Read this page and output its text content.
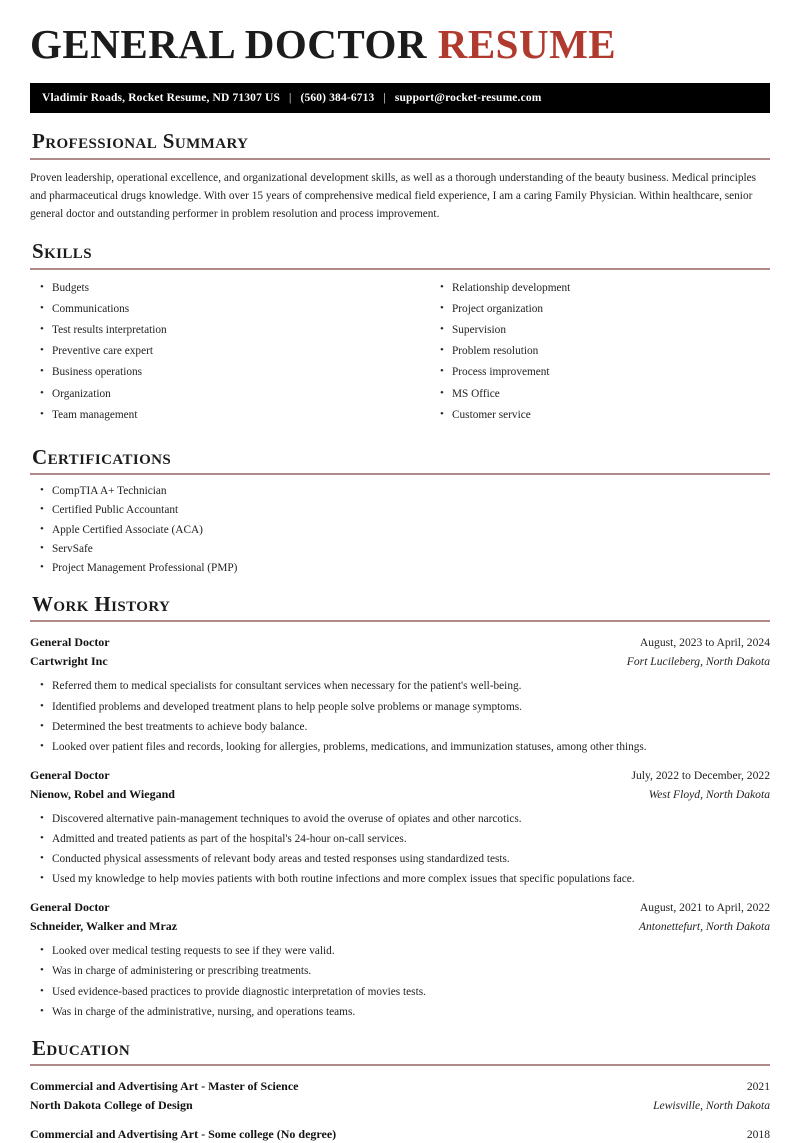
GENERAL DOCTOR RESUME
Vladimir Roads, Rocket Resume, ND 71307 US | (560) 384-6713 | support@rocket-resume.com
Professional Summary
Proven leadership, operational excellence, and organizational development skills, as well as a thorough understanding of the beauty business. Medical principles and pharmaceutical drugs knowledge. With over 15 years of comprehensive medical field experience, I am a caring Family Physician. Within healthcare, senior general doctor and outstanding performer in problem resolution and process improvement.
Skills
• Budgets
• Communications
• Test results interpretation
• Preventive care expert
• Business operations
• Organization
• Team management
• Relationship development
• Project organization
• Supervision
• Problem resolution
• Process improvement
• MS Office
• Customer service
Certifications
• CompTIA A+ Technician
• Certified Public Accountant
• Apple Certified Associate (ACA)
• ServSafe
• Project Management Professional (PMP)
Work History
General Doctor	August, 2023 to April, 2024
Cartwright Inc	Fort Lucileberg, North Dakota
• Referred them to medical specialists for consultant services when necessary for the patient's well-being.
• Identified problems and developed treatment plans to help people solve problems or manage symptoms.
• Determined the best treatments to achieve body balance.
• Looked over patient files and records, looking for allergies, problems, medications, and immunization statuses, among other things.
General Doctor	July, 2022 to December, 2022
Nienow, Robel and Wiegand	West Floyd, North Dakota
• Discovered alternative pain-management techniques to avoid the overuse of opiates and other narcotics.
• Admitted and treated patients as part of the hospital's 24-hour on-call services.
• Conducted physical assessments of relevant body areas and tested responses using standardized tests.
• Used my knowledge to help movies patients with both routine infections and more complex issues that specific populations face.
General Doctor	August, 2021 to April, 2022
Schneider, Walker and Mraz	Antonettefurt, North Dakota
• Looked over medical testing requests to see if they were valid.
• Was in charge of administering or prescribing treatments.
• Used evidence-based practices to provide diagnostic interpretation of movies tests.
• Was in charge of the administrative, nursing, and operations teams.
Education
Commercial and Advertising Art - Master of Science	2021
North Dakota College of Design	Lewisville, North Dakota
Commercial and Advertising Art - Some college (No degree)	2018
